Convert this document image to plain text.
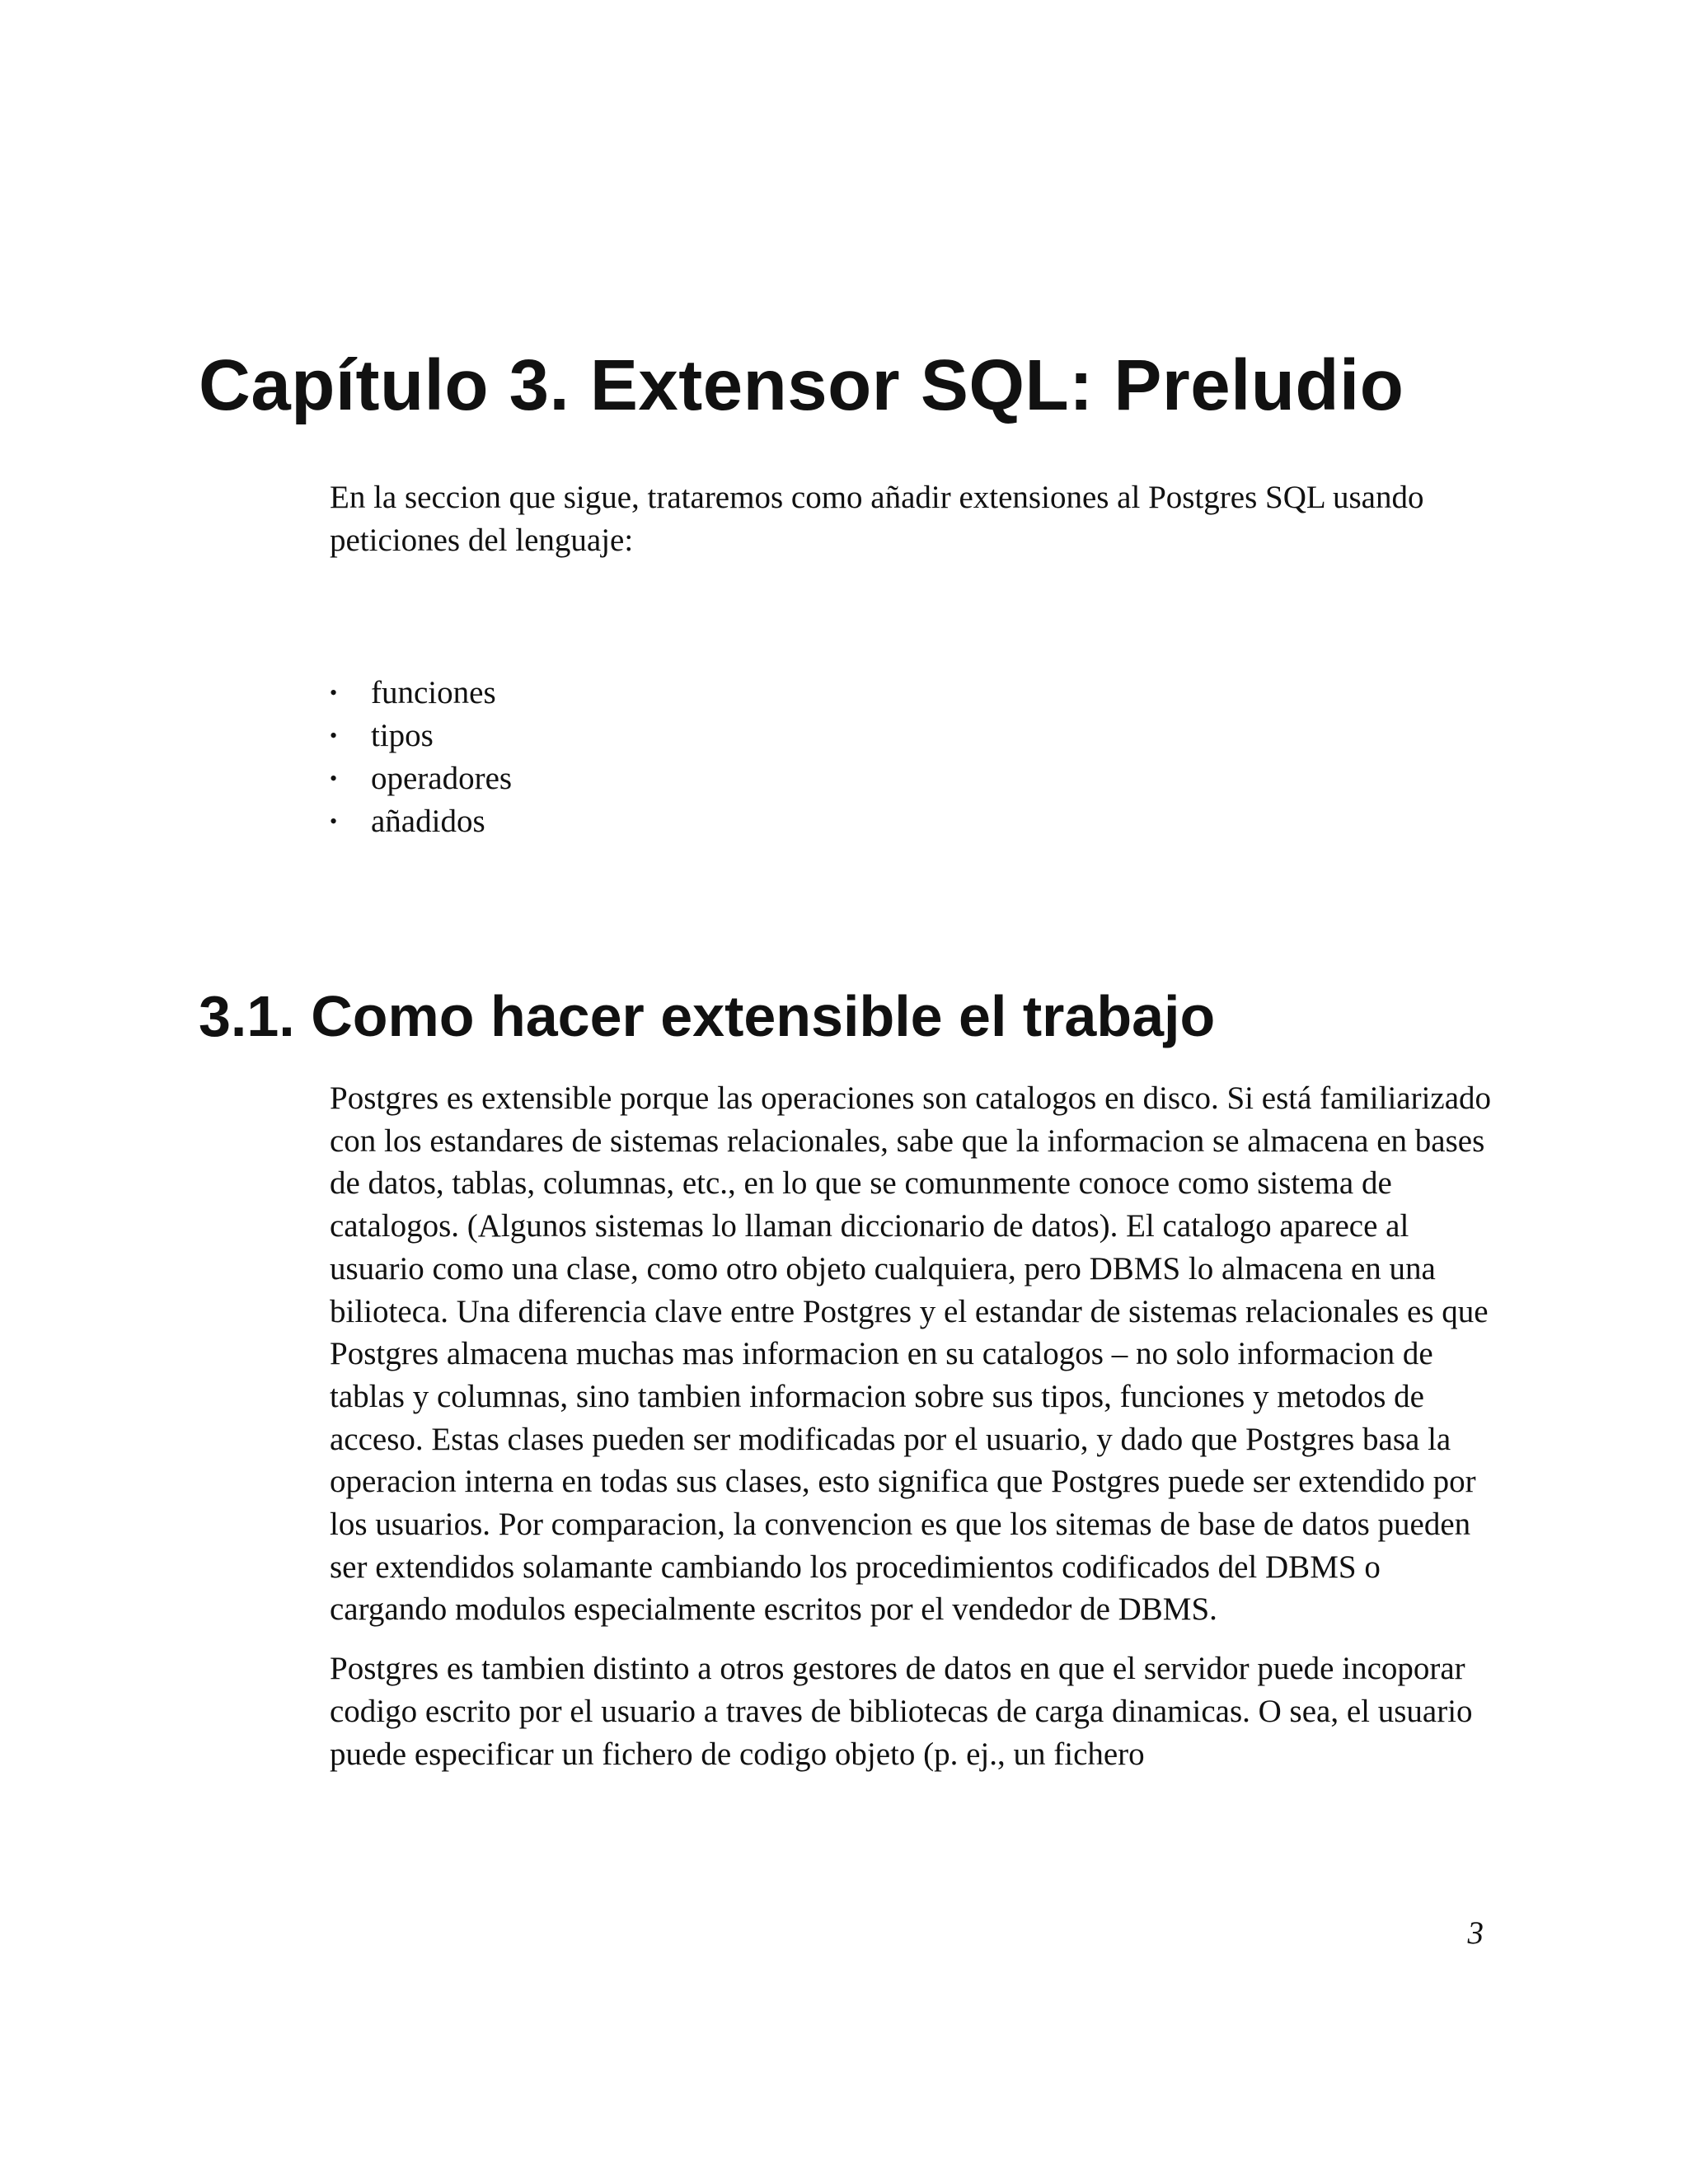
Capítulo 3. Extensor SQL: Preludio

En la seccion que sigue, trataremos como añadir extensiones al Postgres SQL usando peticiones del lenguaje:

• funciones
• tipos
• operadores
• añadidos
3.1. Como hacer extensible el trabajo

Postgres es extensible porque las operaciones son catalogos en disco. Si está familiarizado con los estandares de sistemas relacionales, sabe que la informacion se almacena en bases de datos, tablas, columnas, etc., en lo que se comunmente conoce como sistema de catalogos. (Algunos sistemas lo llaman diccionario de datos). El catalogo aparece al usuario como una clase, como otro objeto cualquiera, pero DBMS lo almacena en una bilioteca. Una diferencia clave entre Postgres y el estandar de sistemas relacionales es que Postgres almacena muchas mas informacion en su catalogos – no solo informacion de tablas y columnas, sino tambien informacion sobre sus tipos, funciones y metodos de acceso. Estas clases pueden ser modificadas por el usuario, y dado que Postgres basa la operacion interna en todas sus clases, esto significa que Postgres puede ser extendido por los usuarios. Por comparacion, la convencion es que los sitemas de base de datos pueden ser extendidos solamante cambiando los procedimientos codificados del DBMS o cargando modulos especialmente escritos por el vendedor de DBMS.

Postgres es tambien distinto a otros gestores de datos en que el servidor puede incoporar codigo escrito por el usuario a traves de bibliotecas de carga dinamicas. O sea, el usuario puede especificar un fichero de codigo objeto (p. ej., un fichero

3
